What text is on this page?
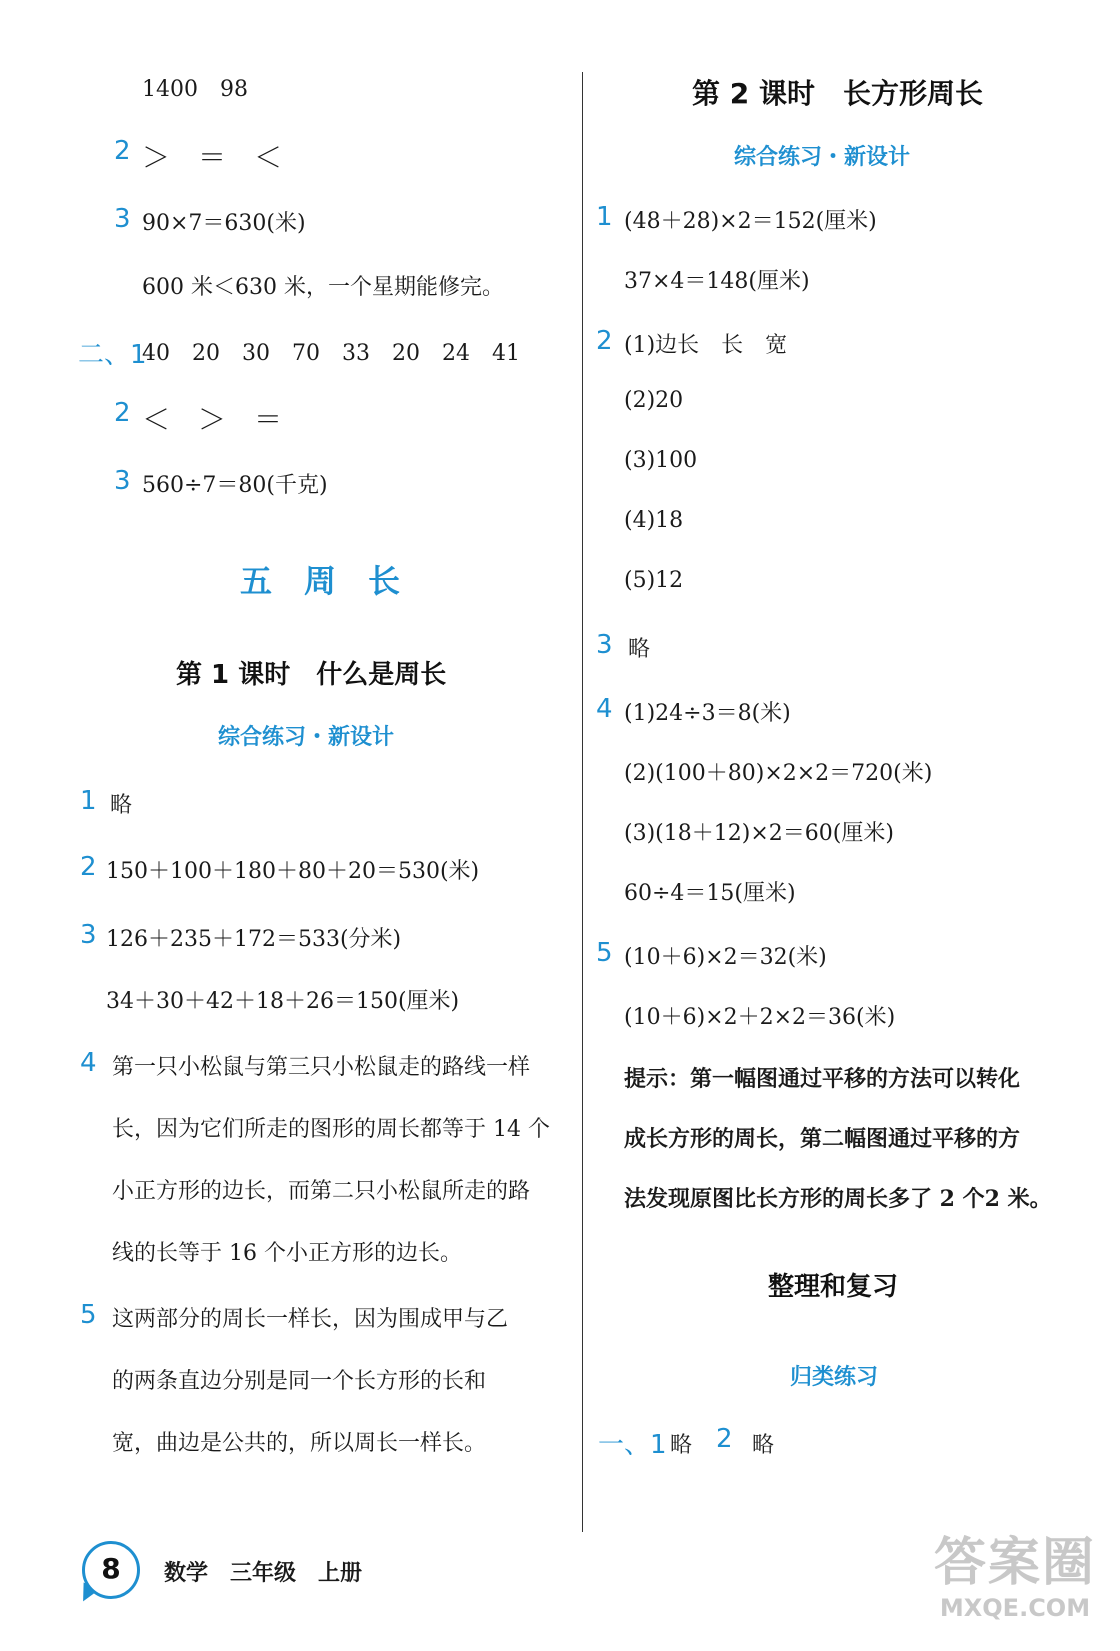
1400　98
2 ＞　＝　＜
3 90×7＝630(米)
600 米＜630 米，一个星期能修完。
二、1
40　20　30　70　33　20　24　41
2 ＜　＞　＝
3 560÷7＝80(千克)
五　周　长
第 1 课时　什么是周长
综合练习・新设计
1 略
2 150＋100＋180＋80＋20＝530(米)
3 126＋235＋172＝533(分米)
34＋30＋42＋18＋26＝150(厘米)
4 第一只小松鼠与第三只小松鼠走的路线一样
长，因为它们所走的图形的周长都等于 14 个
小正方形的边长，而第二只小松鼠所走的路
线的长等于 16 个小正方形的边长。
5 这两部分的周长一样长，因为围成甲与乙
的两条直边分别是同一个长方形的长和
宽，曲边是公共的，所以周长一样长。
第 2 课时　长方形周长
综合练习・新设计
1 (48＋28)×2＝152(厘米)
37×4＝148(厘米)
2 (1)边长　长　宽
(2)20
(3)100
(4)18
(5)12
3 略
4 (1)24÷3＝8(米)
(2)(100＋80)×2×2＝720(米)
(3)(18＋12)×2＝60(厘米)
60÷4＝15(厘米)
5 (10＋6)×2＝32(米)
(10＋6)×2＋2×2＝36(米)
提示：第一幅图通过平移的方法可以转化
成长方形的周长，第二幅图通过平移的方
法发现原图比长方形的周长多了 2 个2 米。
整理和复习
归类练习
一、1 略 2 略
8	数学　三年级　上册	答案圈
MXQE.COM
